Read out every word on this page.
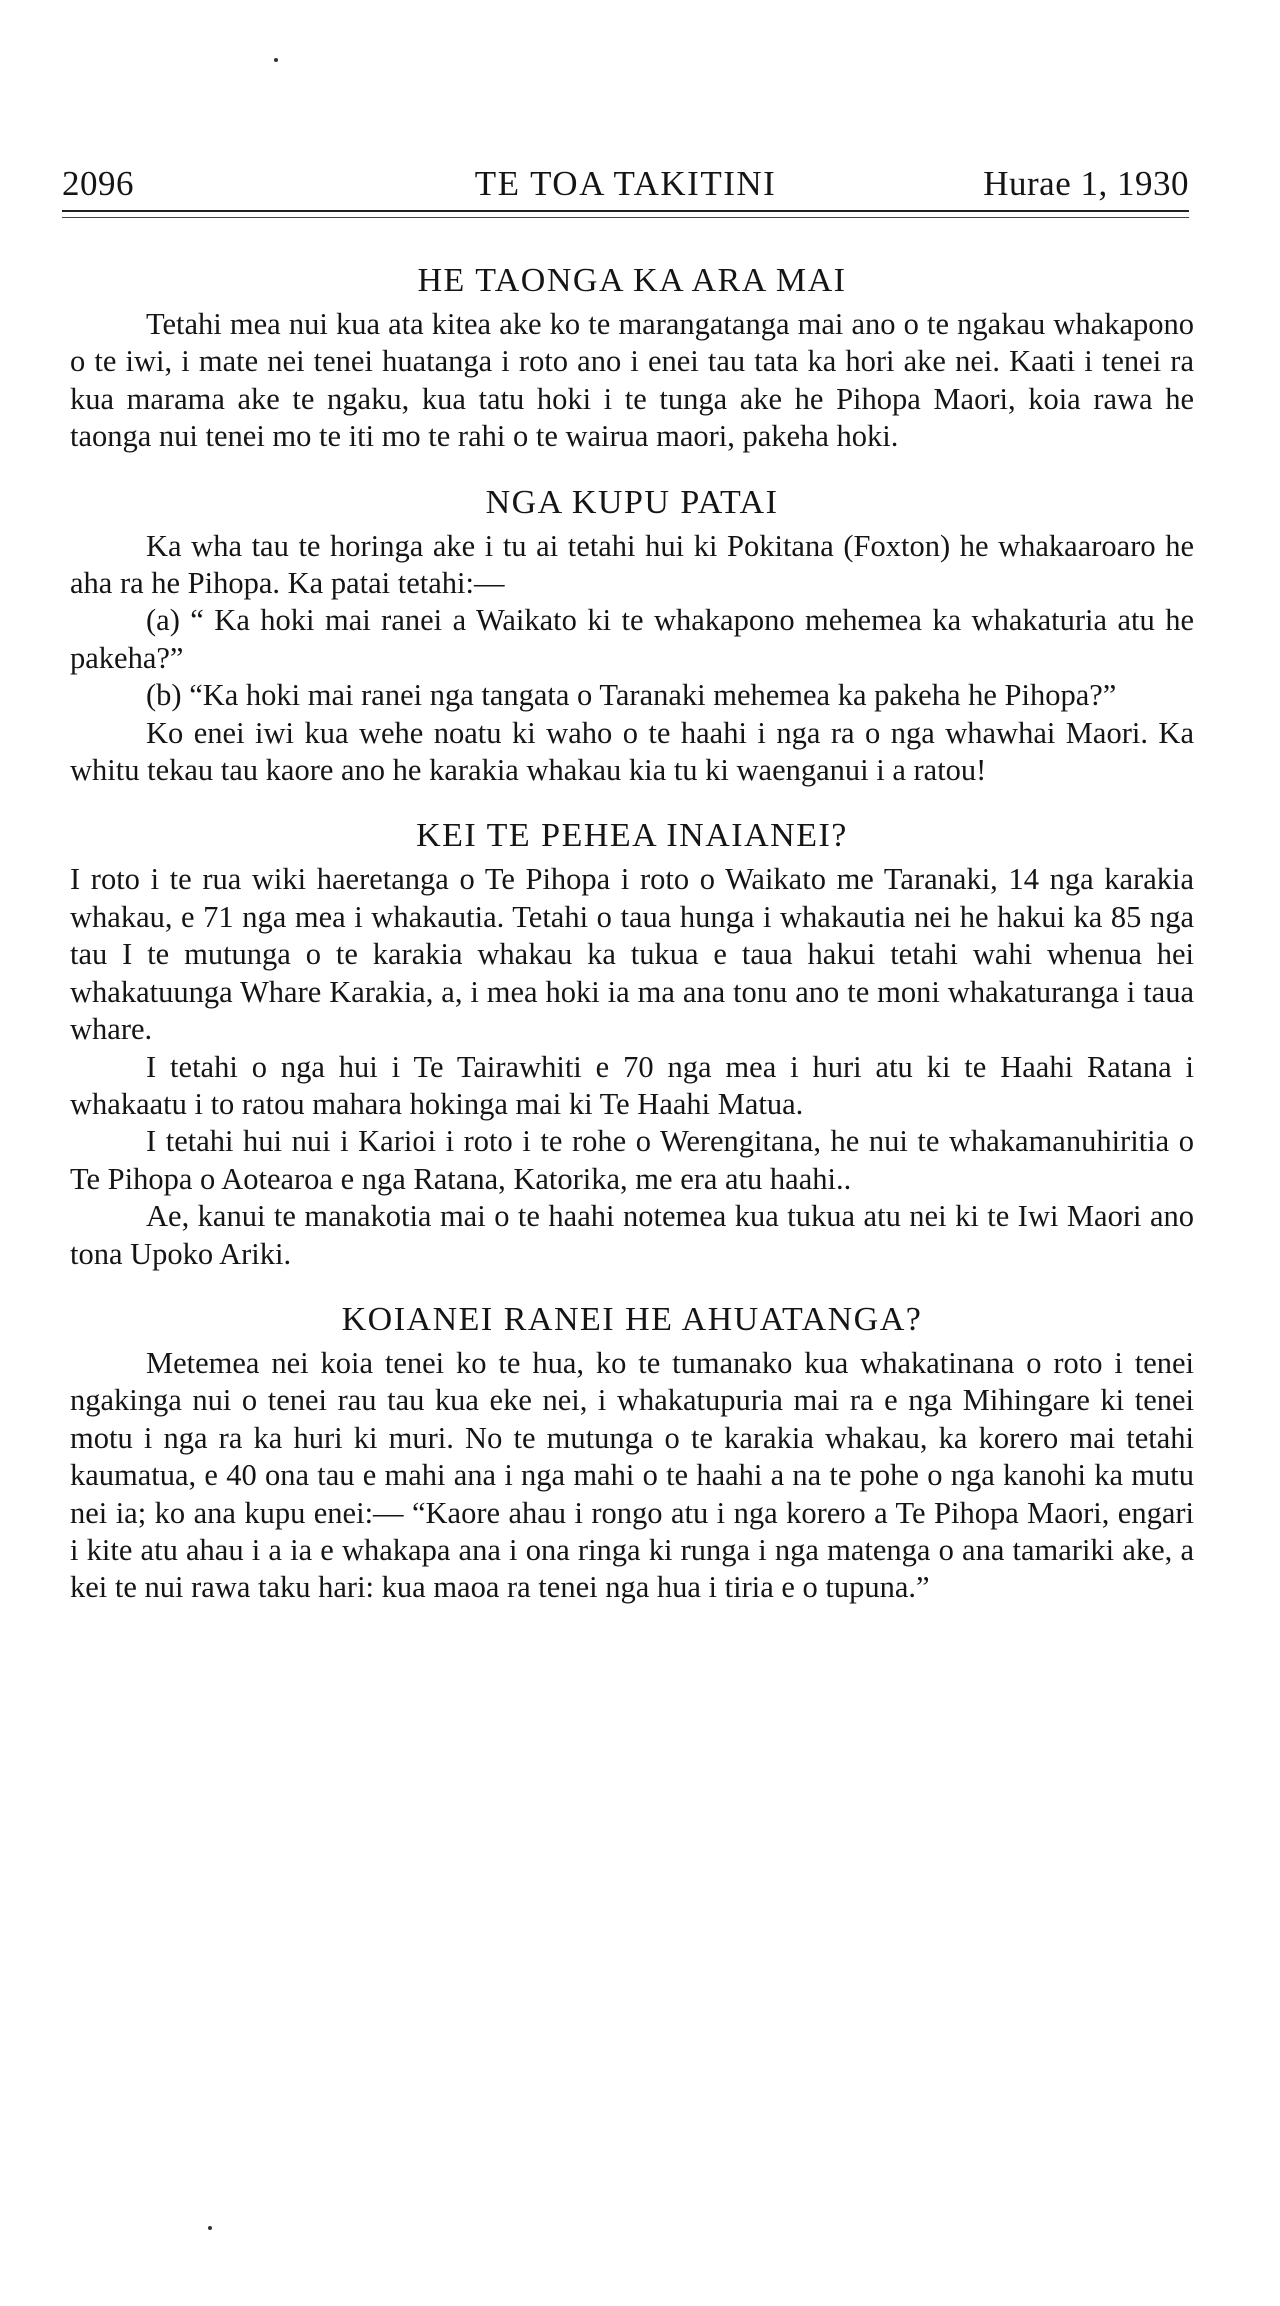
2096	TE TOA TAKITINI	Hurae 1, 1930
HE TAONGA KA ARA MAI

Tetahi mea nui kua ata kitea ake ko te marangatanga mai ano o te ngakau whakapono o te iwi, i mate nei tenei huatanga i roto ano i enei tau tata ka hori ake nei. Kaati i tenei ra kua marama ake te ngaku, kua tatu hoki i te tunga ake he Pihopa Maori, koia rawa he taonga nui tenei mo te iti mo te rahi o te wairua maori, pakeha hoki.

NGA KUPU PATAI

Ka wha tau te horinga ake i tu ai tetahi hui ki Pokitana (Foxton) he whakaaroaro he aha ra he Pihopa. Ka patai tetahi:—

(a) “ Ka hoki mai ranei a Waikato ki te whakapono mehemea ka whakaturia atu he pakeha?”

(b) “Ka hoki mai ranei nga tangata o Taranaki mehemea ka pakeha he Pihopa?”

Ko enei iwi kua wehe noatu ki waho o te haahi i nga ra o nga whawhai Maori. Ka whitu tekau tau kaore ano he karakia whakau kia tu ki waenganui i a ratou!

KEI TE PEHEA INAIANEI?

I roto i te rua wiki haeretanga o Te Pihopa i roto o Waikato me Taranaki, 14 nga karakia whakau, e 71 nga mea i whakautia. Tetahi o taua hunga i whakautia nei he hakui ka 85 nga tau I te mutunga o te karakia whakau ka tukua e taua hakui tetahi wahi whenua hei whakatuunga Whare Karakia, a, i mea hoki ia ma ana tonu ano te moni whakaturanga i taua whare.

I tetahi o nga hui i Te Tairawhiti e 70 nga mea i huri atu ki te Haahi Ratana i whakaatu i to ratou mahara hokinga mai ki Te Haahi Matua.

I tetahi hui nui i Karioi i roto i te rohe o Werengitana, he nui te whakamanuhiritia o Te Pihopa o Aotearoa e nga Ratana, Katorika, me era atu haahi..

Ae, kanui te manakotia mai o te haahi notemea kua tukua atu nei ki te Iwi Maori ano tona Upoko Ariki.

KOIANEI RANEI HE AHUATANGA?

Metemea nei koia tenei ko te hua, ko te tumanako kua whakatinana o roto i tenei ngakinga nui o tenei rau tau kua eke nei, i whakatupuria mai ra e nga Mihingare ki tenei motu i nga ra ka huri ki muri. No te mutunga o te karakia whakau, ka korero mai tetahi kaumatua, e 40 ona tau e mahi ana i nga mahi o te haahi a na te pohe o nga kanohi ka mutu nei ia; ko ana kupu enei:— “Kaore ahau i rongo atu i nga korero a Te Pihopa Maori, engari i kite atu ahau i a ia e whakapa ana i ona ringa ki runga i nga matenga o ana tamariki ake, a kei te nui rawa taku hari: kua maoa ra tenei nga hua i tiria e o tupuna.”
